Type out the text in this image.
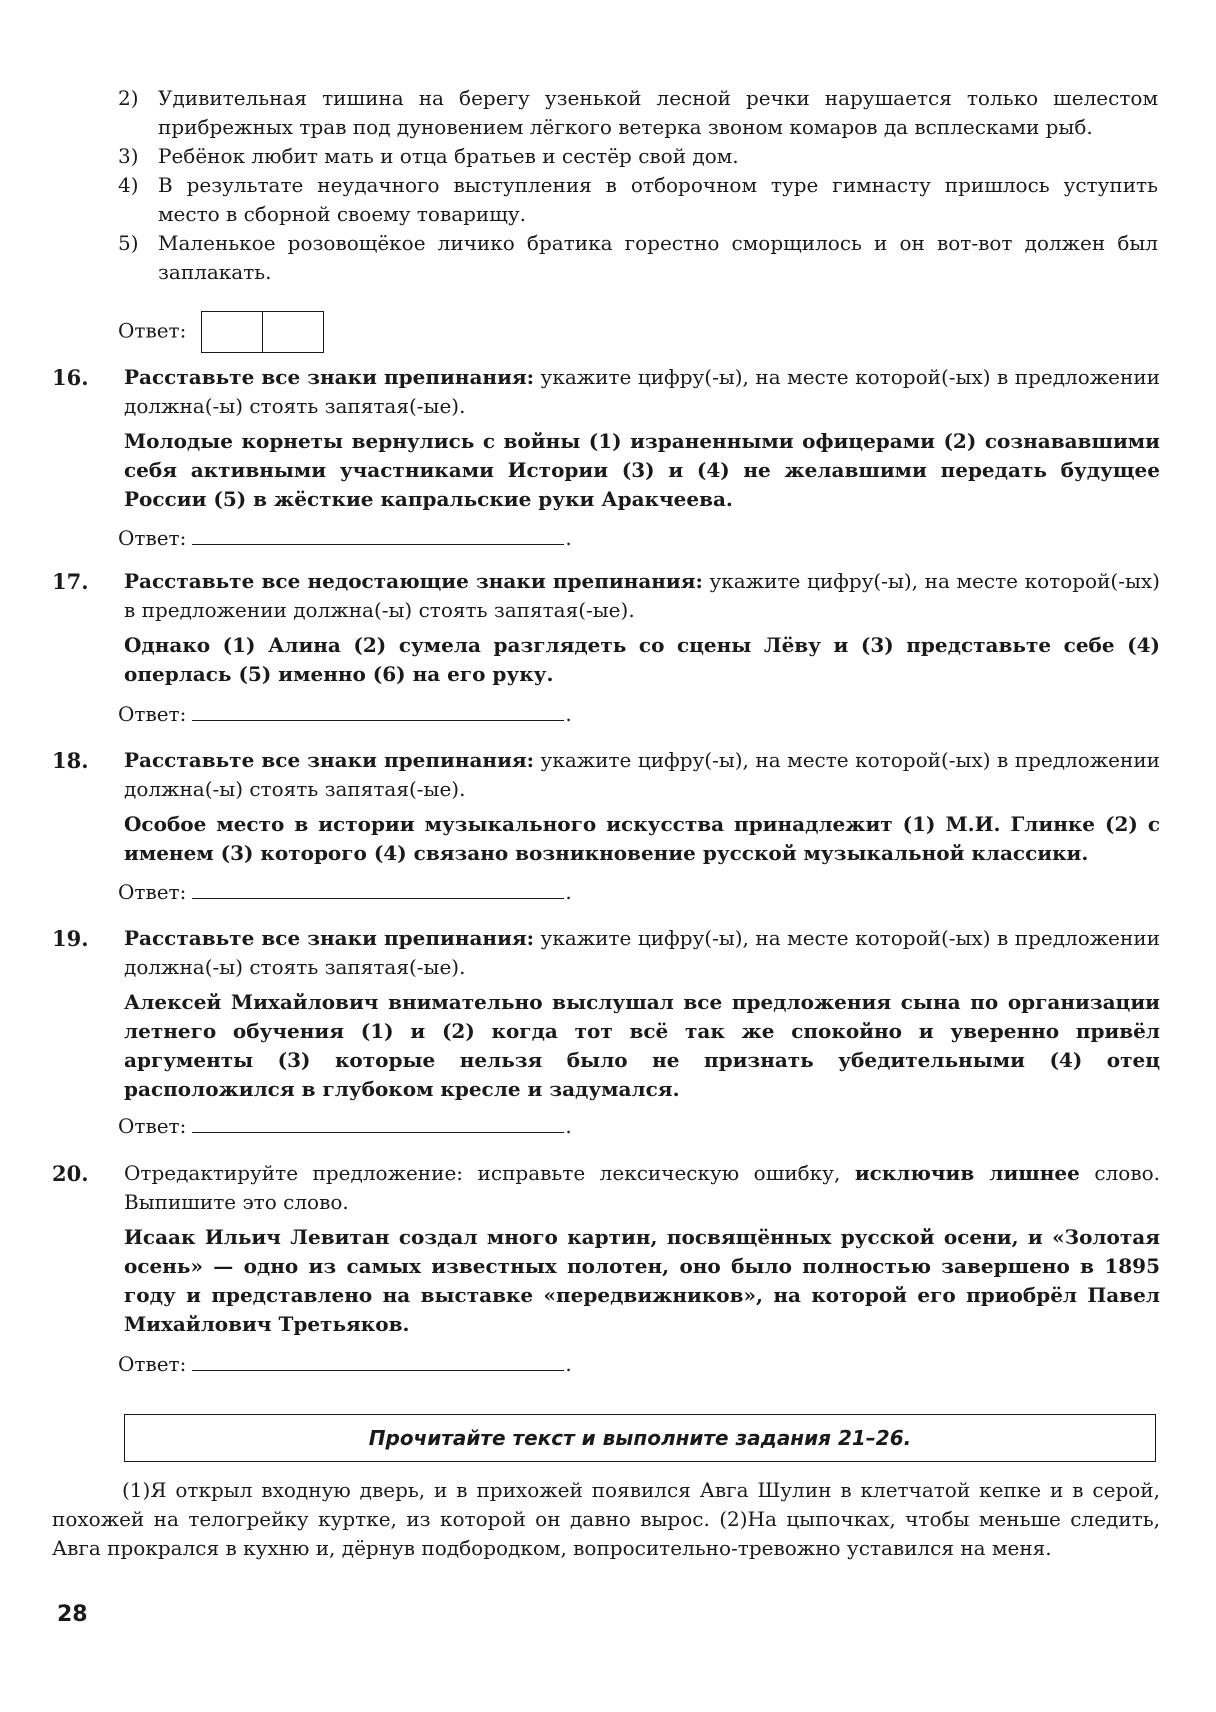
2) Удивительная тишина на берегу узенькой лесной речки нарушается только шелестом прибрежных трав под дуновением лёгкого ветерка звоном комаров да всплесками рыб.
3) Ребёнок любит мать и отца братьев и сестёр свой дом.
4) В результате неудачного выступления в отборочном туре гимнасту пришлось уступить место в сборной своему товарищу.
5) Маленькое розовощёкое личико братика горестно сморщилось и он вот-вот должен был заплакать.
Ответ:
16. Расставьте все знаки препинания: укажите цифру(-ы), на месте которой(-ых) в предложении должна(-ы) стоять запятая(-ые).
Молодые корнеты вернулись с войны (1) израненными офицерами (2) сознававшими себя активными участниками Истории (3) и (4) не желавшими передать будущее России (5) в жёсткие капральские руки Аракчеева.
Ответ:	.
17. Расставьте все недостающие знаки препинания: укажите цифру(-ы), на месте которой(-ых) в предложении должна(-ы) стоять запятая(-ые).
Однако (1) Алина (2) сумела разглядеть со сцены Лёву и (3) представьте себе (4) оперлась (5) именно (6) на его руку.
Ответ:	.
18. Расставьте все знаки препинания: укажите цифру(-ы), на месте которой(-ых) в предложении должна(-ы) стоять запятая(-ые).
Особое место в истории музыкального искусства принадлежит (1) М.И. Глинке (2) с именем (3) которого (4) связано возникновение русской музыкальной классики.
Ответ:	.
19. Расставьте все знаки препинания: укажите цифру(-ы), на месте которой(-ых) в предложении должна(-ы) стоять запятая(-ые).
Алексей Михайлович внимательно выслушал все предложения сына по организации летнего обучения (1) и (2) когда тот всё так же спокойно и уверенно привёл аргументы (3) которые нельзя было не признать убедительными (4) отец расположился в глубоком кресле и задумался.
Ответ:	.
20. Отредактируйте предложение: исправьте лексическую ошибку, исключив лишнее слово. Выпишите это слово.
Исаак Ильич Левитан создал много картин, посвящённых русской осени, и «Золотая осень» — одно из самых известных полотен, оно было полностью завершено в 1895 году и представлено на выставке «передвижников», на которой его приобрёл Павел Михайлович Третьяков.
Ответ:	.
Прочитайте текст и выполните задания 21–26.
(1)Я открыл входную дверь, и в прихожей появился Авга Шулин в клетчатой кепке и в серой, похожей на телогрейку куртке, из которой он давно вырос. (2)На цыпочках, чтобы меньше следить, Авга прокрался в кухню и, дёрнув подбородком, вопросительно-тревожно уставился на меня.
28
